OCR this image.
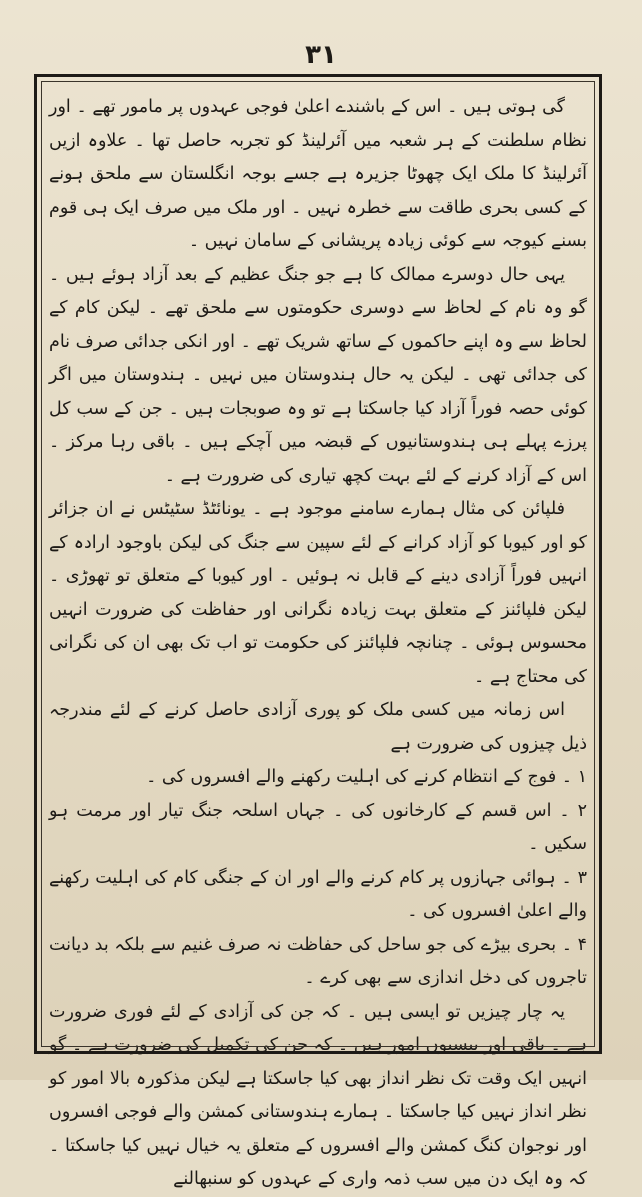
۳۱

گی ہوتی ہیں ۔ اس کے باشندے اعلیٰ فوجی عہدوں پر مامور تھے ۔ اور نظام سلطنت کے ہر شعبہ میں آئرلینڈ کو تجربہ حاصل تھا ۔ علاوہ ازیں آئرلینڈ کا ملک ایک چھوٹا جزیرہ ہے جسے بوجہ انگلستان سے ملحق ہونے کے کسی بحری طاقت سے خطرہ نہیں ۔ اور ملک میں صرف ایک ہی قوم بسنے کیوجہ سے کوئی زیادہ پریشانی کے سامان نہیں ۔

یہی حال دوسرے ممالک کا ہے جو جنگ عظیم کے بعد آزاد ہوئے ہیں ۔ گو وہ نام کے لحاظ سے دوسری حکومتوں سے ملحق تھے ۔ لیکن کام کے لحاظ سے وہ اپنے حاکموں کے ساتھ شریک تھے ۔ اور انکی جدائی صرف نام کی جدائی تھی ۔ لیکن یہ حال ہندوستان میں نہیں ۔ ہندوستان میں اگر کوئی حصہ فوراً آزاد کیا جاسکتا ہے تو وہ صوبجات ہیں ۔ جن کے سب کل پرزے پہلے ہی ہندوستانیوں کے قبضہ میں آچکے ہیں ۔ باقی رہا مرکز ۔ اس کے آزاد کرنے کے لئے بہت کچھ تیاری کی ضرورت ہے ۔

فلپائن کی مثال ہمارے سامنے موجود ہے ۔ یونائٹڈ سٹیٹس نے ان جزائر کو اور کیوبا کو آزاد کرانے کے لئے سپین سے جنگ کی لیکن باوجود ارادہ کے انہیں فوراً آزادی دینے کے قابل نہ ہوئیں ۔ اور کیوبا کے متعلق تو تھوڑی ۔ لیکن فلپائنز کے متعلق بہت زیادہ نگرانی اور حفاظت کی ضرورت انہیں محسوس ہوئی ۔ چنانچہ فلپائنز کی حکومت تو اب تک بھی ان کی نگرانی کی محتاج ہے ۔

اس زمانہ میں کسی ملک کو پوری آزادی حاصل کرنے کے لئے مندرجہ ذیل چیزوں کی ضرورت ہے

۱ ۔ فوج کے انتظام کرنے کی اہلیت رکھنے والے افسروں کی ۔

۲ ۔ اس قسم کے کارخانوں کی ۔ جہاں اسلحہ جنگ تیار اور مرمت ہو سکیں ۔

۳ ۔ ہوائی جہازوں پر کام کرنے والے اور ان کے جنگی کام کی اہلیت رکھنے والے اعلیٰ افسروں کی ۔

۴ ۔ بحری بیڑے کی جو ساحل کی حفاظت نہ صرف غنیم سے بلکہ بد دیانت تاجروں کی دخل اندازی سے بھی کرے ۔

یہ چار چیزیں تو ایسی ہیں ۔ کہ جن کی آزادی کے لئے فوری ضرورت ہے ۔ باقی اور بیسیوں امور ہیں ۔ کہ جن کی تکمیل کی ضرورت ہے ۔ گو انہیں ایک وقت تک نظر انداز بھی کیا جاسکتا ہے لیکن مذکورہ بالا امور کو نظر انداز نہیں کیا جاسکتا ۔ ہمارے ہندوستانی کمشن والے فوجی افسروں اور نوجوان کنگ کمشن والے افسروں کے متعلق یہ خیال نہیں کیا جاسکتا ۔ کہ وہ ایک دن میں سب ذمہ واری کے عہدوں کو سنبھالنے
